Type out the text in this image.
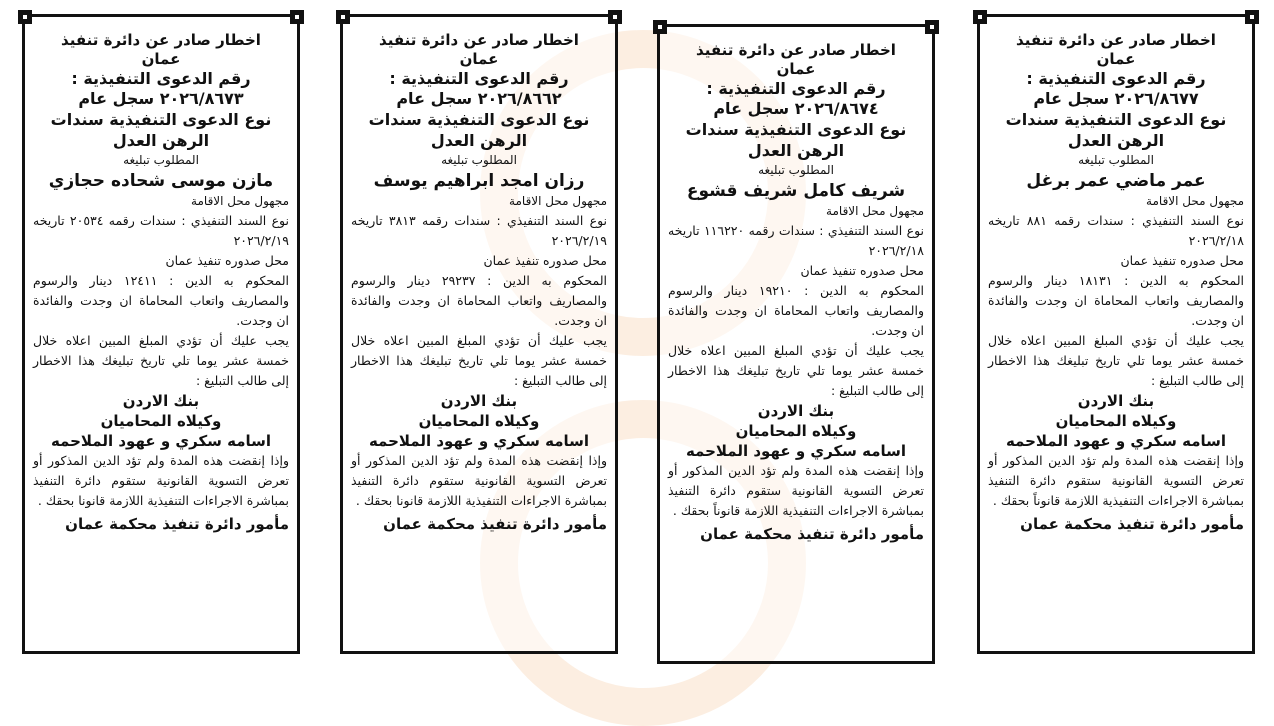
اخطار صادر عن دائرة تنفيذ

عمان

رقم الدعوى التنفيذية :

٢٠٢٦/٨٦٧٧ سجل عام

نوع الدعوى التنفيذية سندات الرهن العدل

المطلوب تبليغه

عمر ماضي عمر برغل

مجهول محل الاقامة

نوع السند التنفيذي : سندات رقمه ٨٨١ تاريخه ٢٠٢٦/٢/١٨

محل صدوره تنفيذ عمان

المحكوم به الدين : ١٨١٣١ دينار والرسوم والمصاريف واتعاب المحاماة ان وجدت والفائدة ان وجدت.

يجب عليك أن تؤدي المبلغ المبين اعلاه خلال خمسة عشر يوما تلي تاريخ تبليغك هذا الاخطار إلى طالب التبليغ :

بنك الاردن

وكيلاه المحاميان

اسامه سكري و عهود الملاحمه

وإذا إنقضت هذه المدة ولم تؤد الدين المذكور أو تعرض التسوية القانونية ستقوم دائرة التنفيذ بمباشرة الاجراءات التنفيذية اللازمة قانوناً بحقك .

مأمور دائرة تنفيذ محكمة عمان

اخطار صادر عن دائرة تنفيذ

عمان

رقم الدعوى التنفيذية :

٢٠٢٦/٨٦٧٤ سجل عام

نوع الدعوى التنفيذية سندات الرهن العدل

المطلوب تبليغه

شريف كامل شريف قشوع

مجهول محل الاقامة

نوع السند التنفيذي : سندات رقمه ١١٦٢٢٠ تاريخه ٢٠٢٦/٢/١٨

محل صدوره تنفيذ عمان

المحكوم به الدين : ١٩٢١٠ دينار والرسوم والمصاريف واتعاب المحاماة ان وجدت والفائدة ان وجدت.

يجب عليك أن تؤدي المبلغ المبين اعلاه خلال خمسة عشر يوما تلي تاريخ تبليغك هذا الاخطار إلى طالب التبليغ :

بنك الاردن

وكيلاه المحاميان

اسامه سكري و عهود الملاحمه

وإذا إنقضت هذه المدة ولم تؤد الدين المذكور أو تعرض التسوية القانونية ستقوم دائرة التنفيذ بمباشرة الاجراءات التنفيذية اللازمة قانوناً بحقك .

مأمور دائرة تنفيذ محكمة عمان

اخطار صادر عن دائرة تنفيذ

عمان

رقم الدعوى التنفيذية :

٢٠٢٦/٨٦٦٢ سجل عام

نوع الدعوى التنفيذية سندات الرهن العدل

المطلوب تبليغه

رزان امجد ابراهيم يوسف

مجهول محل الاقامة

نوع السند التنفيذي : سندات رقمه ٣٨١٣ تاريخه ٢٠٢٦/٢/١٩

محل صدوره تنفيذ عمان

المحكوم به الدين : ٢٩٢٣٧ دينار والرسوم والمصاريف واتعاب المحاماة ان وجدت والفائدة ان وجدت.

يجب عليك أن تؤدي المبلغ المبين اعلاه خلال خمسة عشر يوما تلي تاريخ تبليغك هذا الاخطار إلى طالب التبليغ :

بنك الاردن

وكيلاه المحاميان

اسامه سكري و عهود الملاحمه

وإذا إنقضت هذه المدة ولم تؤد الدين المذكور أو تعرض التسوية القانونية ستقوم دائرة التنفيذ بمباشرة الاجراءات التنفيذية اللازمة قانونا بحقك .

مأمور دائرة تنفيذ محكمة عمان

اخطار صادر عن دائرة تنفيذ

عمان

رقم الدعوى التنفيذية :

٢٠٢٦/٨٦٧٣ سجل عام

نوع الدعوى التنفيذية سندات الرهن العدل

المطلوب تبليغه

مازن موسى شحاده حجازي

مجهول محل الاقامة

نوع السند التنفيذي : سندات رقمه ٢٠٥٣٤ تاريخه ٢٠٢٦/٢/١٩

محل صدوره تنفيذ عمان

المحكوم به الدين : ١٢٤١١ دينار والرسوم والمصاريف واتعاب المحاماة ان وجدت والفائدة ان وجدت.

يجب عليك أن تؤدي المبلغ المبين اعلاه خلال خمسة عشر يوما تلي تاريخ تبليغك هذا الاخطار إلى طالب التبليغ :

بنك الاردن

وكيلاه المحاميان

اسامه سكري و عهود الملاحمه

وإذا إنقضت هذه المدة ولم تؤد الدين المذكور أو تعرض التسوية القانونية ستقوم دائرة التنفيذ بمباشرة الاجراءات التنفيذية اللازمة قانونا بحقك .

مأمور دائرة تنفيذ محكمة عمان
